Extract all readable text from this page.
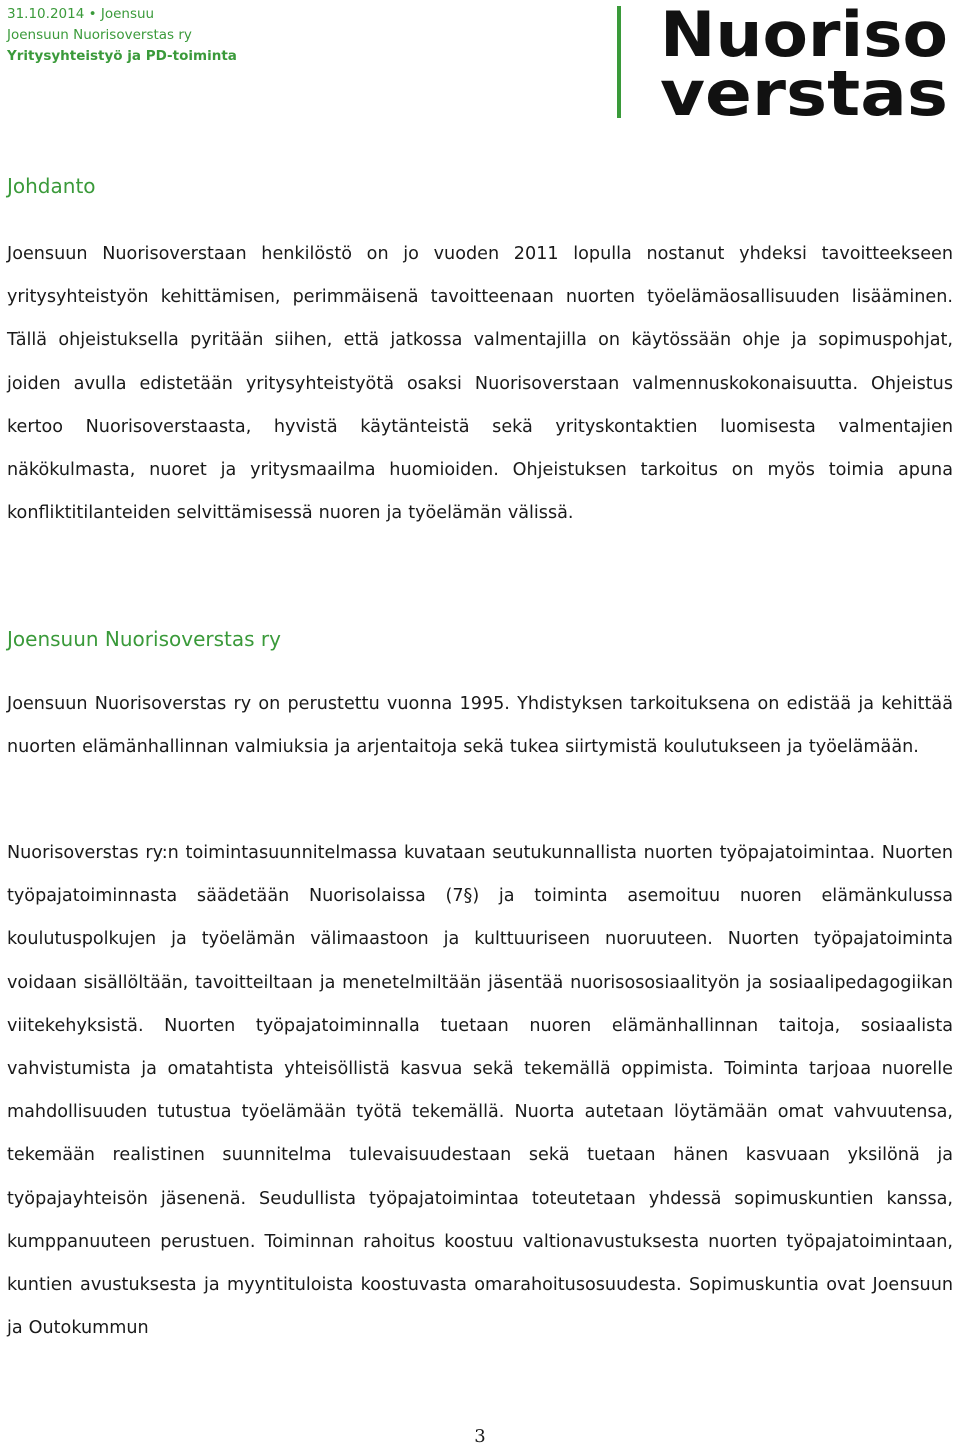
31.10.2014 • Joensuu
Joensuun Nuorisoverstas ry
Yritysyhteistyö ja PD-toiminta	Nuoriso
verstas
Johdanto

Joensuun Nuorisoverstaan henkilöstö on jo vuoden 2011 lopulla nostanut yhdeksi tavoitteekseen yritysyhteistyön kehittämisen, perimmäisenä tavoitteenaan nuorten työelämäosallisuuden lisääminen. Tällä ohjeistuksella pyritään siihen, että jatkossa valmentajilla on käytössään ohje ja sopimuspohjat, joiden avulla edistetään yritysyhteistyötä osaksi Nuorisoverstaan valmennuskokonaisuutta. Ohjeistus kertoo Nuorisoverstaasta, hyvistä käytänteistä sekä yrityskontaktien luomisesta valmentajien näkökulmasta, nuoret ja yritysmaailma huomioiden. Ohjeistuksen tarkoitus on myös toimia apuna konfliktitilanteiden selvittämisessä nuoren ja työelämän välissä.

Joensuun Nuorisoverstas ry

Joensuun Nuorisoverstas ry on perustettu vuonna 1995. Yhdistyksen tarkoituksena on edistää ja kehittää nuorten elämänhallinnan valmiuksia ja arjentaitoja sekä tukea siirtymistä koulutukseen ja työelämään.

Nuorisoverstas ry:n toimintasuunnitelmassa kuvataan seutukunnallista nuorten työpajatoimintaa. Nuorten työpajatoiminnasta säädetään Nuorisolaissa (7§) ja toiminta asemoituu nuoren elämänkulussa koulutuspolkujen ja työelämän välimaastoon ja kulttuuriseen nuoruuteen. Nuorten työpajatoiminta voidaan sisällöltään, tavoitteiltaan ja menetelmiltään jäsentää nuorisososiaalityön ja sosiaalipedagogiikan viitekehyksistä. Nuorten työpajatoiminnalla tuetaan nuoren elämänhallinnan taitoja, sosiaalista vahvistumista ja omatahtista yhteisöllistä kasvua sekä tekemällä oppimista. Toiminta tarjoaa nuorelle mahdollisuuden tutustua työelämään työtä tekemällä. Nuorta autetaan löytämään omat vahvuutensa, tekemään realistinen suunnitelma tulevaisuudestaan sekä tuetaan hänen kasvuaan yksilönä ja työpajayhteisön jäsenenä. Seudullista työpajatoimintaa toteutetaan yhdessä sopimuskuntien kanssa, kumppanuuteen perustuen. Toiminnan rahoitus koostuu valtionavustuksesta nuorten työpajatoimintaan, kuntien avustuksesta ja myyntituloista koostuvasta omarahoitusosuudesta. Sopimuskuntia ovat Joensuun ja Outokummun

3
